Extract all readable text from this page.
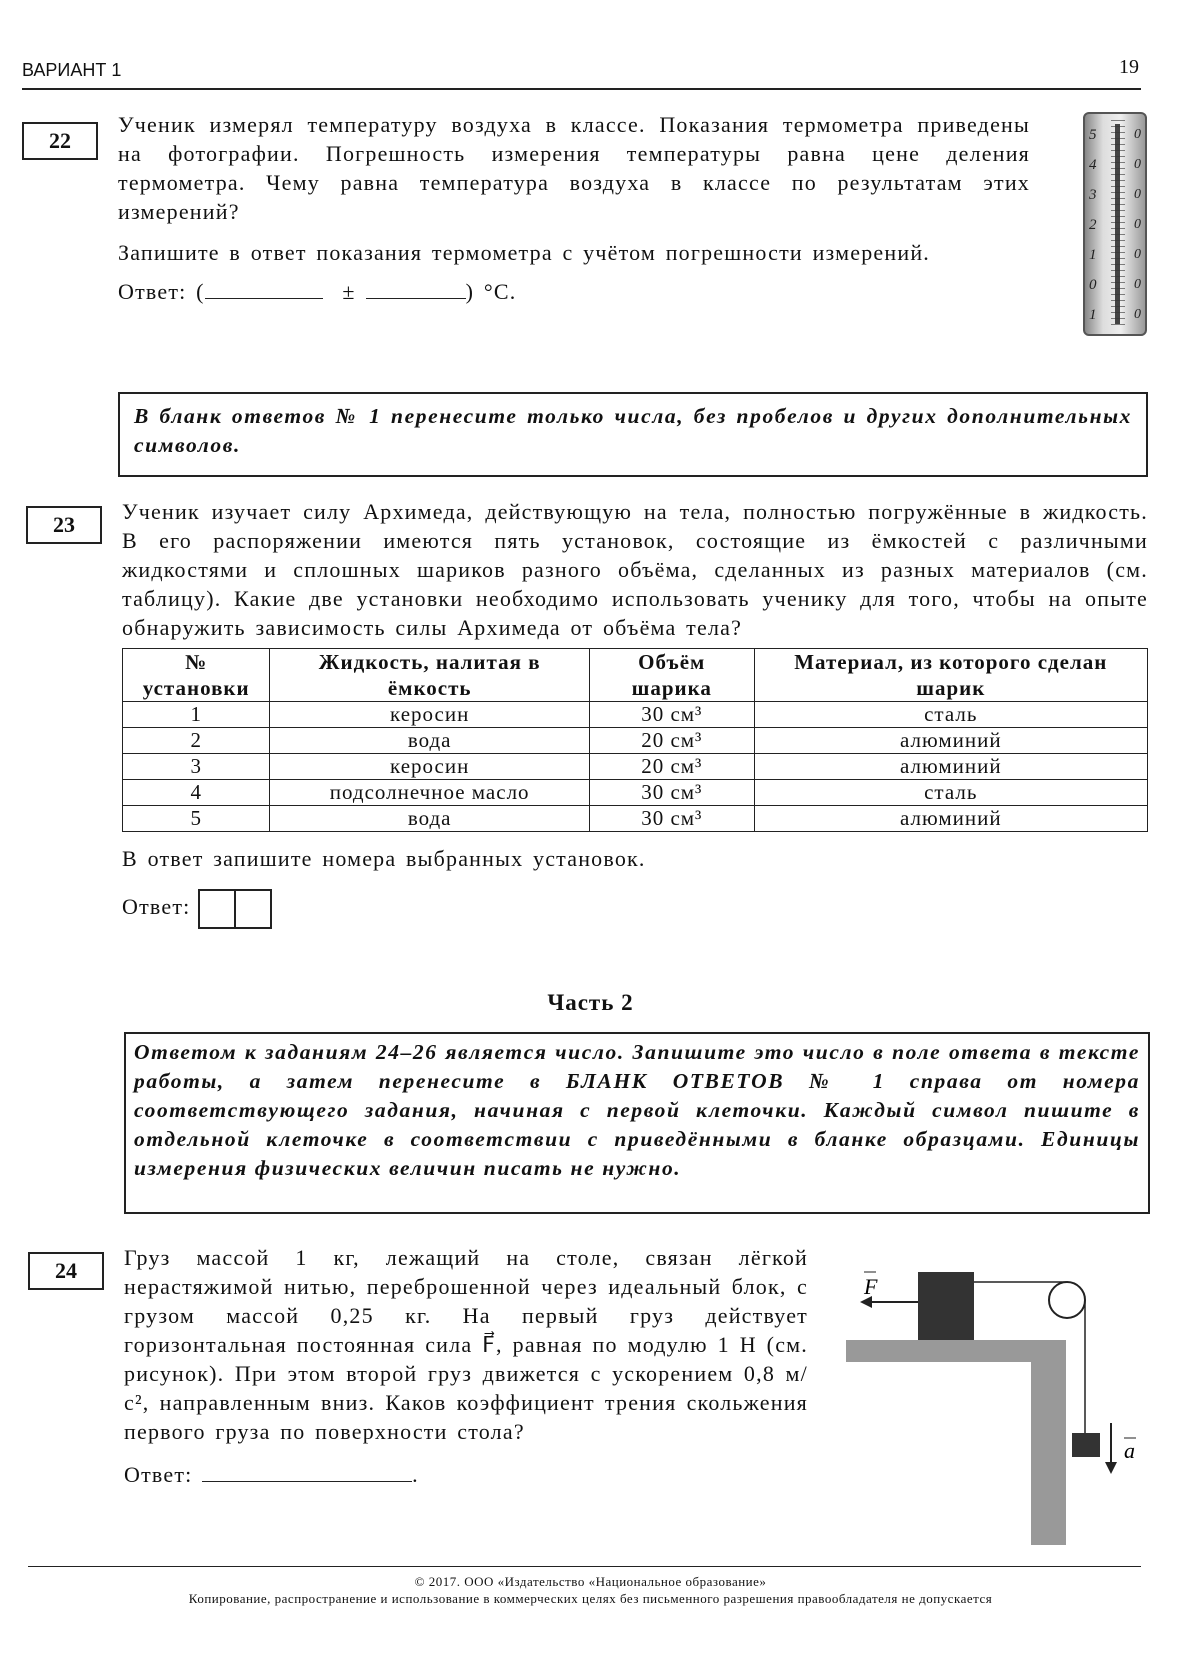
ВАРИАНТ 1	19
22
Ученик измерял температуру воздуха в классе. Показания термометра приведены на фотографии. Погрешность измерения температуры равна цене деления термометра. Чему равна температура воздуха в классе по результатам этих измерений?
Запишите в ответ показания термометра с учётом погрешности измерений.
Ответ: (	±	) °C.
5
4
3
2
1
0
1
0
0
0
0
0
0
0
В бланк ответов № 1 перенесите только числа, без пробелов и других дополнительных символов.
23
Ученик изучает силу Архимеда, действующую на тела, полностью погружённые в жидкость. В его распоряжении имеются пять установок, состоящие из ёмкостей с различными жидкостями и сплошных шариков разного объёма, сделанных из разных материалов (см. таблицу). Какие две установки необходимо использовать ученику для того, чтобы на опыте обнаружить зависимость силы Архимеда от объёма тела?
№ установки	Жидкость, налитая в ёмкость	Объём шарика	Материал, из которого сделан шарик
1	керосин	30 см³	сталь
2	вода	20 см³	алюминий
3	керосин	20 см³	алюминий
4	подсолнечное масло	30 см³	сталь
5	вода	30 см³	алюминий
В ответ запишите номера выбранных установок.
Ответ:
Часть 2
Ответом к заданиям 24–26 является число. Запишите это число в поле ответа в тексте работы, а затем перенесите в БЛАНК ОТВЕТОВ № 1 справа от номера соответствующего задания, начиная с первой клеточки. Каждый символ пишите в отдельной клеточке в соответствии с приведёнными в бланке образцами. Единицы измерения физических величин писать не нужно.
24
Груз массой 1 кг, лежащий на столе, связан лёгкой нерастяжимой нитью, переброшенной через идеальный блок, с грузом массой 0,25 кг. На первый груз действует горизонтальная постоянная сила F⃗, равная по модулю 1 Н (см. рисунок). При этом второй груз движется с ускорением 0,8 м/с², направленным вниз. Каков коэффициент трения скольжения первого груза по поверхности стола?
Ответ:	.
F
a
© 2017. ООО «Издательство «Национальное образование»
Копирование, распространение и использование в коммерческих целях без письменного разрешения правообладателя не допускается
